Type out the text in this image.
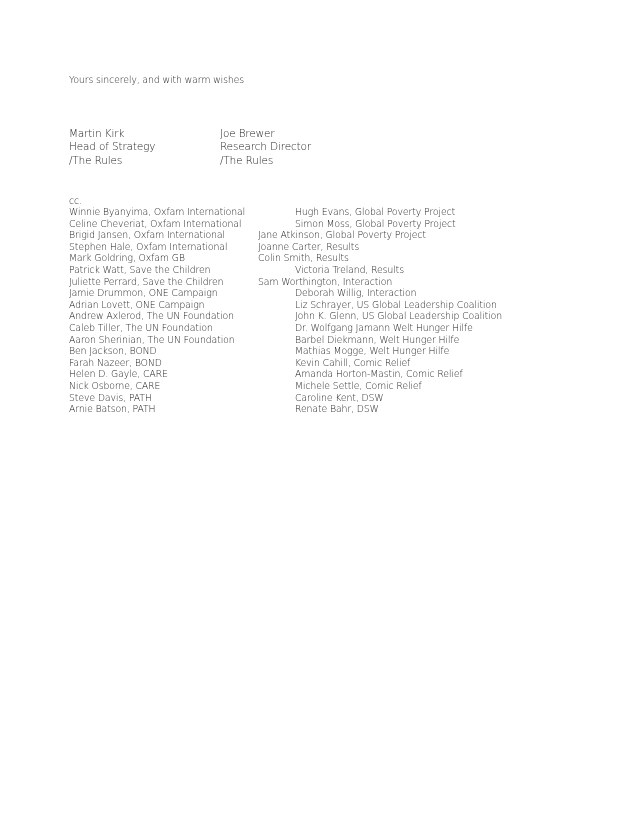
Yours sincerely, and with warm wishes
Martin Kirk
Head of Strategy
/The Rules
Joe Brewer
Research Director
/The Rules
cc.
Winnie Byanyima, Oxfam International
Celine Cheveriat, Oxfam International
Brigid Jansen, Oxfam International
Stephen Hale, Oxfam International
Mark Goldring, Oxfam GB
Patrick Watt, Save the Children
Juliette Perrard, Save the Children
Jamie Drummon, ONE Campaign
Adrian Lovett, ONE Campaign
Andrew Axlerod, The UN Foundation
Caleb Tiller, The UN Foundation
Aaron Sherinian, The UN Foundation
Ben Jackson, BOND
Farah Nazeer, BOND
Helen D. Gayle, CARE
Nick Osborne, CARE
Steve Davis, PATH
Arnie Batson, PATH
Hugh Evans, Global Poverty Project
Simon Moss, Global Poverty Project
Jane Atkinson, Global Poverty Project
Joanne Carter, Results
Colin Smith, Results
Victoria Treland, Results
Sam Worthington, Interaction
Deborah Willig, Interaction
Liz Schrayer, US Global Leadership Coalition
John K. Glenn, US Global Leadership Coalition
Dr. Wolfgang Jamann Welt Hunger Hilfe
Barbel Diekmann, Welt Hunger Hilfe
Mathias Mogge, Welt Hunger Hilfe
Kevin Cahill, Comic Relief
Amanda Horton-Mastin, Comic Relief
Michele Settle, Comic Relief
Caroline Kent, DSW
Renate Bahr, DSW
